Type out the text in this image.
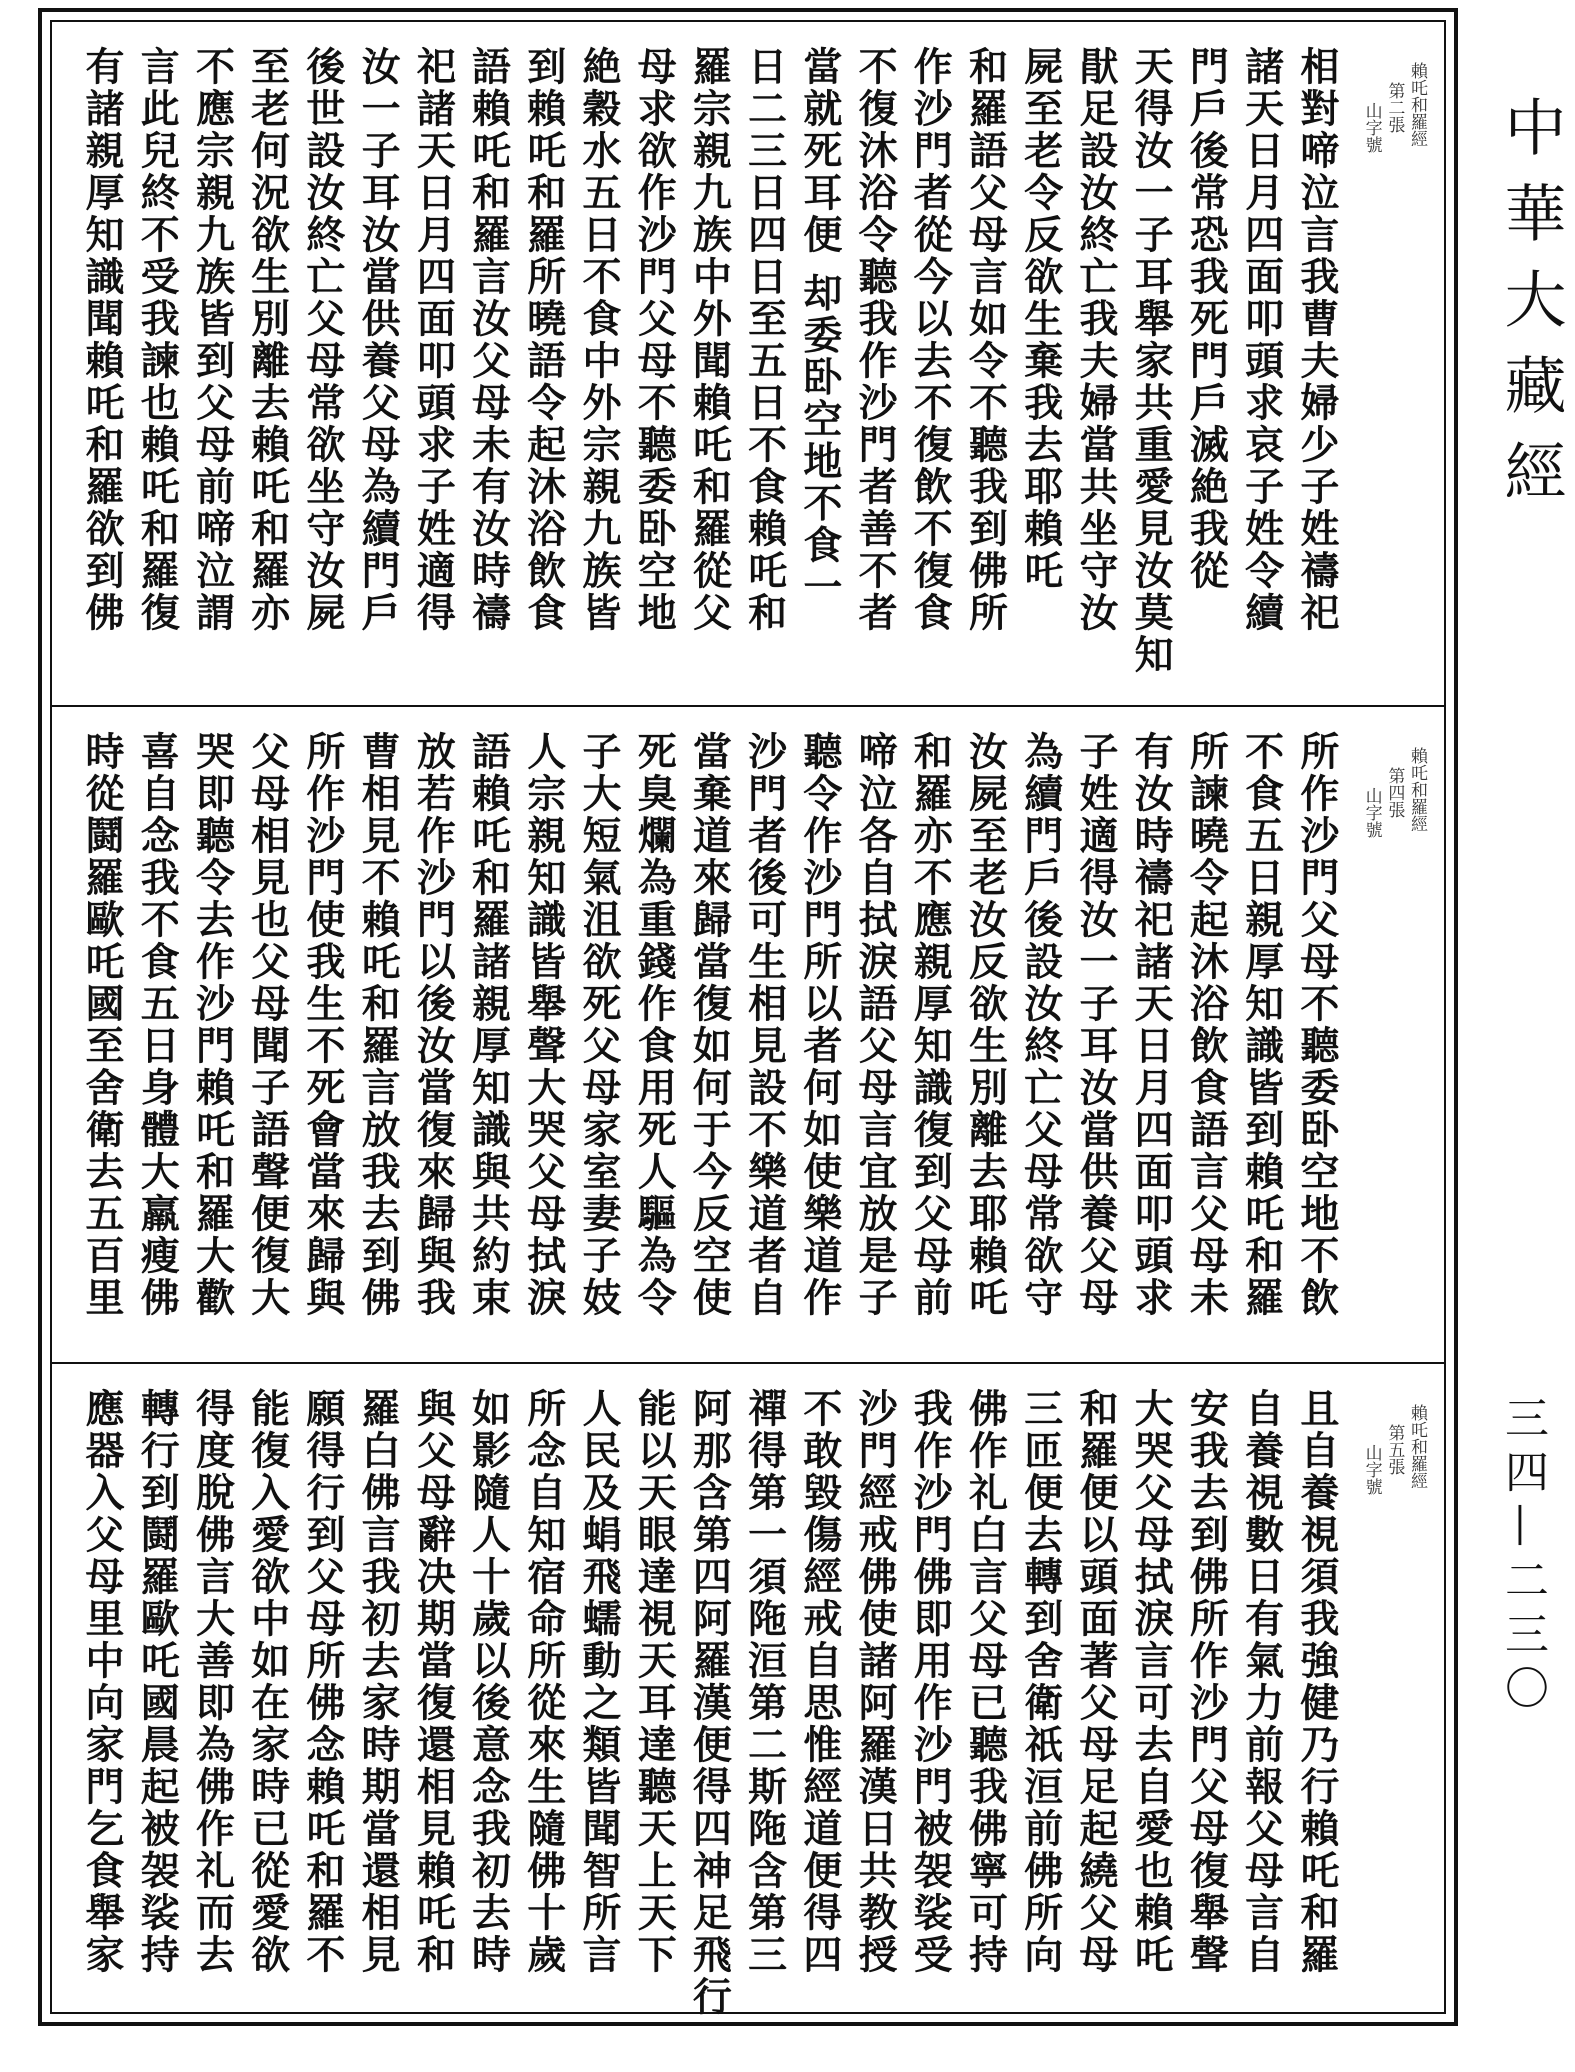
中華大藏經
三四—二三〇
相對啼泣言我曹夫婦少子姓禱祀
諸天日月四面叩頭求哀子姓令續
門戶後常恐我死門戶滅絶我從
天得汝一子耳舉家共重愛見汝莫知
猒足設汝終亡我夫婦當共坐守汝
屍至老令反欲生棄我去耶賴吒
和羅語父母言如令不聽我到佛所
作沙門者從今以去不復飲不復食
不復沐浴令聽我作沙門者善不者
當就死耳便 却委卧空地不食一
日二三日四日至五日不食賴吒和
羅宗親九族中外聞賴吒和羅從父
母求欲作沙門父母不聽委卧空地
絶穀水五日不食中外宗親九族皆
到賴吒和羅所曉語令起沐浴飲食
語賴吒和羅言汝父母未有汝時禱
祀諸天日月四面叩頭求子姓適得
汝一子耳汝當供養父母為續門戶
後世設汝終亡父母常欲坐守汝屍
至老何況欲生別離去賴吒和羅亦
不應宗親九族皆到父母前啼泣謂
言此兒終不受我諫也賴吒和羅復
有諸親厚知識聞賴吒和羅欲到佛	賴吒和羅經
第二張
山字號
所作沙門父母不聽委卧空地不飲
不食五日親厚知識皆到賴吒和羅
所諫曉令起沐浴飲食語言父母未
有汝時禱祀諸天日月四面叩頭求
子姓適得汝一子耳汝當供養父母
為續門戶後設汝終亡父母常欲守
汝屍至老汝反欲生別離去耶賴吒
和羅亦不應親厚知識復到父母前
啼泣各自拭淚語父母言宜放是子
聽令作沙門所以者何如使樂道作
沙門者後可生相見設不樂道者自
當棄道來歸當復如何于今反空使
死臭爛為重錢作食用死人驅為令
子大短氣沮欲死父母家室妻子妓
人宗親知識皆舉聲大哭父母拭淚
語賴吒和羅諸親厚知識與共約束
放若作沙門以後汝當復來歸與我
曹相見不賴吒和羅言放我去到佛
所作沙門使我生不死會當來歸與
父母相見也父母聞子語聲便復大
哭即聽令去作沙門賴吒和羅大歡
喜自念我不食五日身體大羸瘦佛
時從鬪羅歐吒國至舍衛去五百里	賴吒和羅經
第四張
山字號
且自養視須我強健乃行賴吒和羅
自養視數日有氣力前報父母言自
安我去到佛所作沙門父母復舉聲
大哭父母拭淚言可去自愛也賴吒
和羅便以頭面著父母足起繞父母
三匝便去轉到舍衛祇洹前佛所向
佛作礼白言父母已聽我佛寧可持
我作沙門佛即用作沙門被袈裟受
沙門經戒佛使諸阿羅漢日共教授
不敢毀傷經戒自思惟經道便得四
禪得第一須陁洹第二斯陁含第三
阿那含第四阿羅漢便得四神足飛行
能以天眼達視天耳達聽天上天下
人民及蜎飛蠕動之類皆聞智所言
所念自知宿命所從來生隨佛十歲
如影隨人十歲以後意念我初去時
與父母辭决期當復還相見賴吒和
羅白佛言我初去家時期當還相見
願得行到父母所佛念賴吒和羅不
能復入愛欲中如在家時已從愛欲
得度脫佛言大善即為佛作礼而去
轉行到鬪羅歐吒國晨起被袈裟持
應器入父母里中向家門乞食舉家	賴吒和羅經
第五張
山字號
